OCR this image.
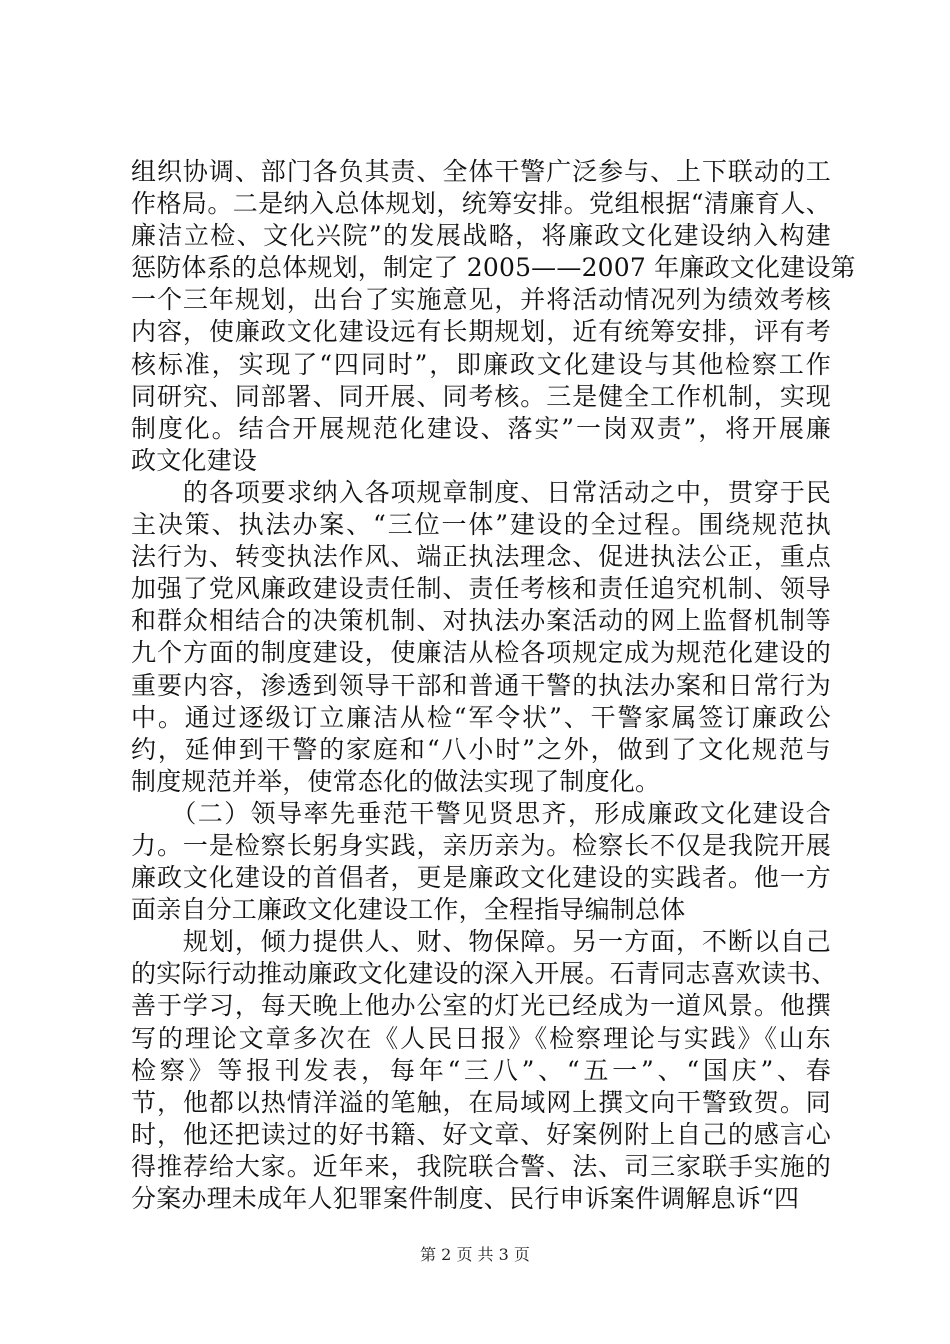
组织协调、部门各负其责、全体干警广泛参与、上下联动的工
作格局。二是纳入总体规划，统筹安排。党组根据“清廉育人、
廉洁立检、文化兴院”的发展战略，将廉政文化建设纳入构建
惩防体系的总体规划，制定了 2005——2007 年廉政文化建设第
一个三年规划，出台了实施意见，并将活动情况列为绩效考核
内容，使廉政文化建设远有长期规划，近有统筹安排，评有考
核标准，实现了“四同时”，即廉政文化建设与其他检察工作
同研究、同部署、同开展、同考核。三是健全工作机制，实现
制度化。结合开展规范化建设、落实”一岗双责”，将开展廉
政文化建设
　　的各项要求纳入各项规章制度、日常活动之中，贯穿于民
主决策、执法办案、“三位一体”建设的全过程。围绕规范执
法行为、转变执法作风、端正执法理念、促进执法公正，重点
加强了党风廉政建设责任制、责任考核和责任追究机制、领导
和群众相结合的决策机制、对执法办案活动的网上监督机制等
九个方面的制度建设，使廉洁从检各项规定成为规范化建设的
重要内容，渗透到领导干部和普通干警的执法办案和日常行为
中。通过逐级订立廉洁从检“军令状”、干警家属签订廉政公
约，延伸到干警的家庭和“八小时”之外，做到了文化规范与
制度规范并举，使常态化的做法实现了制度化。
　　（二）领导率先垂范干警见贤思齐，形成廉政文化建设合
力。一是检察长躬身实践，亲历亲为。检察长不仅是我院开展
廉政文化建设的首倡者，更是廉政文化建设的实践者。他一方
面亲自分工廉政文化建设工作，全程指导编制总体
　　规划，倾力提供人、财、物保障。另一方面，不断以自己
的实际行动推动廉政文化建设的深入开展。石青同志喜欢读书、
善于学习，每天晚上他办公室的灯光已经成为一道风景。他撰
写的理论文章多次在《人民日报》《检察理论与实践》《山东
检察》等报刊发表，每年“三八”、“五一”、“国庆”、春
节，他都以热情洋溢的笔触，在局域网上撰文向干警致贺。同
时，他还把读过的好书籍、好文章、好案例附上自己的感言心
得推荐给大家。近年来，我院联合警、法、司三家联手实施的
分案办理未成年人犯罪案件制度、民行申诉案件调解息诉“四
第 2 页 共 3 页
